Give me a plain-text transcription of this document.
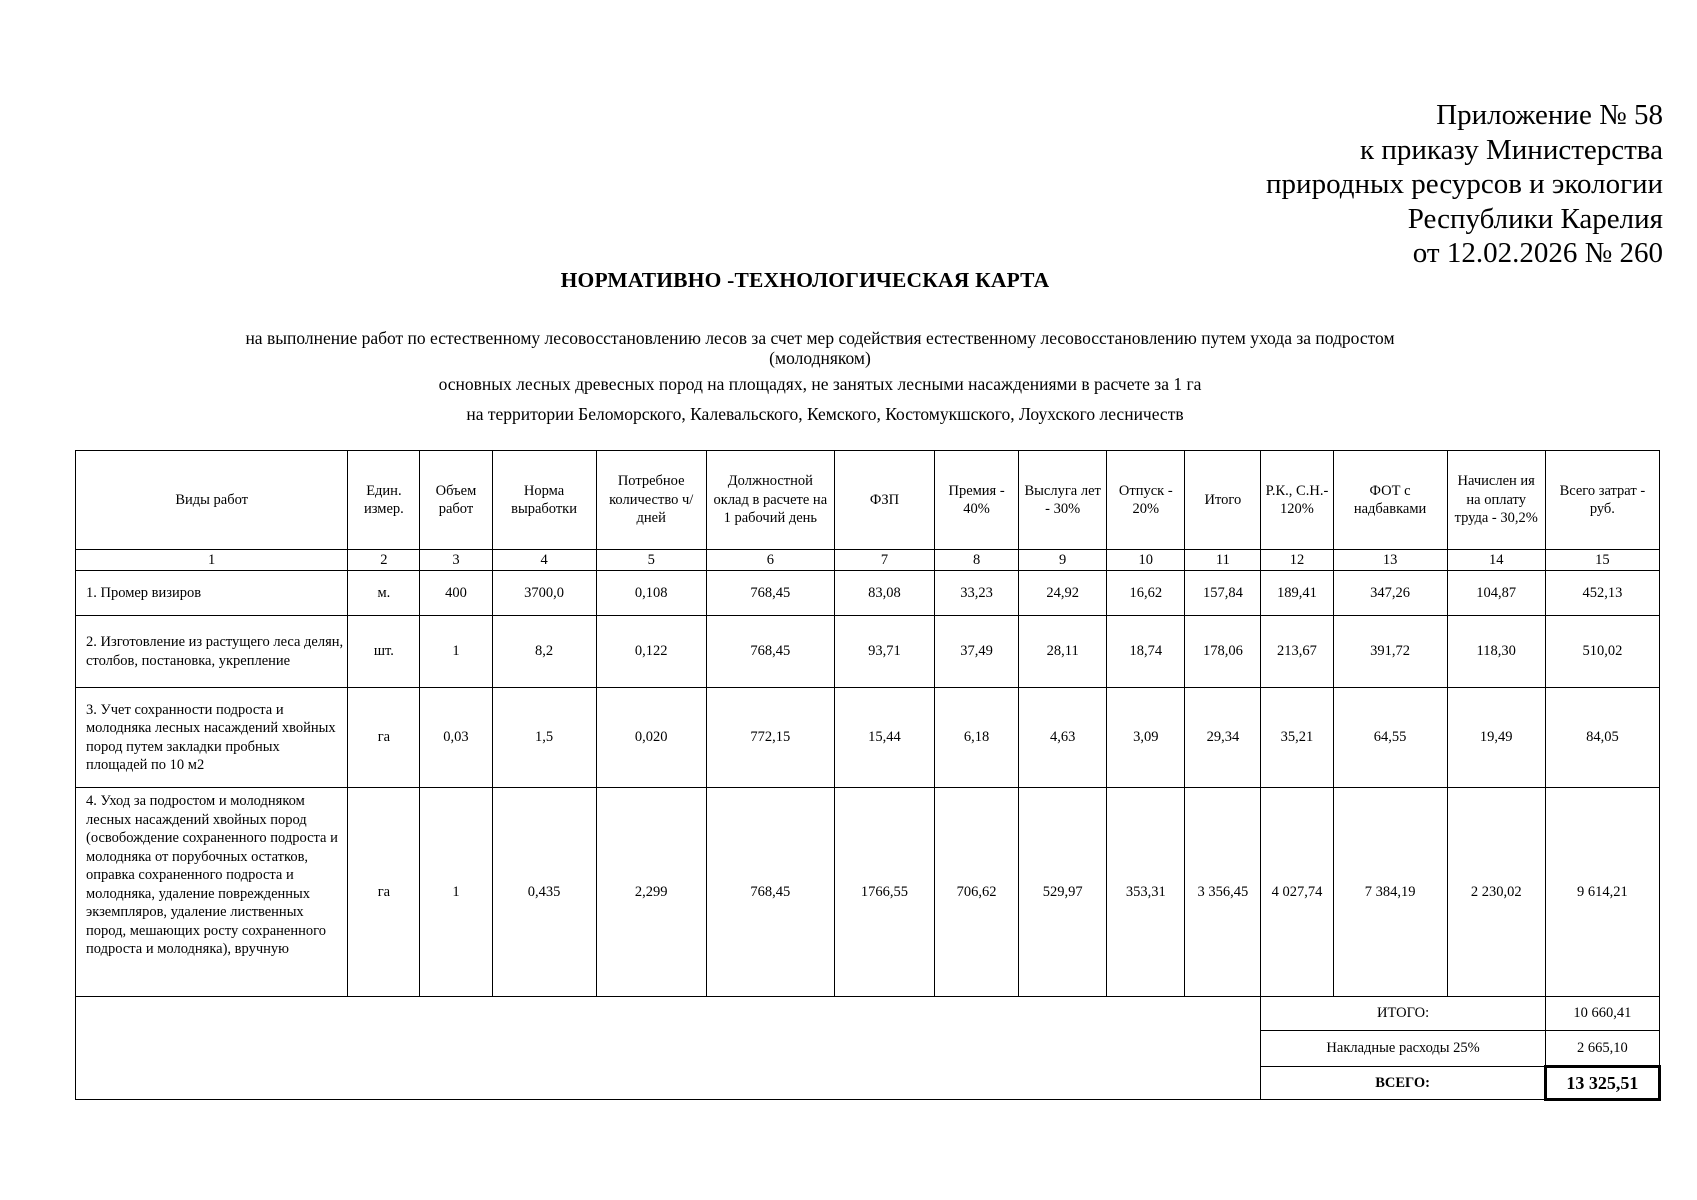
Приложение № 58
к приказу Министерства
природных ресурсов и экологии
Республики Карелия
от 12.02.2026 № 260
НОРМАТИВНО -ТЕХНОЛОГИЧЕСКАЯ КАРТА
на выполнение работ по естественному лесовосстановлению лесов за счет мер содействия естественному лесовосстановлению путем ухода за подростом
(молодняком)
основных лесных древесных пород на площадях, не занятых лесными насаждениями в расчете за 1 га
на территории Беломорского, Калевальского, Кемского, Костомукшского, Лоухского лесничеств
Виды работ	Един. измер.	Объем работ	Норма выработки	Потребное количество ч/дней	Должностной оклад в расчете на 1 рабочий день	ФЗП	Премия - 40%	Выслуга лет - 30%	Отпуск - 20%	Итого	Р.К., С.Н.- 120%	ФОТ с надбавками	Начислен ия на оплату труда - 30,2%	Всего затрат - руб.
1	2	3	4	5	6	7	8	9	10	11	12	13	14	15
1. Промер визиров	м.	400	3700,0	0,108	768,45	83,08	33,23	24,92	16,62	157,84	189,41	347,26	104,87	452,13
2. Изготовление из растущего леса делян, столбов, постановка, укрепление	шт.	1	8,2	0,122	768,45	93,71	37,49	28,11	18,74	178,06	213,67	391,72	118,30	510,02
3. Учет сохранности подроста и молодняка лесных насаждений хвойных пород путем закладки пробных площадей по 10 м2	га	0,03	1,5	0,020	772,15	15,44	6,18	4,63	3,09	29,34	35,21	64,55	19,49	84,05
4. Уход за подростом и молодняком лесных насаждений хвойных пород (освобождение сохраненного подроста и молодняка от порубочных остатков, оправка сохраненного подроста и молодняка, удаление поврежденных экземпляров, удаление лиственных пород, мешающих росту сохраненного подроста и молодняка), вручную	га	1	0,435	2,299	768,45	1766,55	706,62	529,97	353,31	3 356,45	4 027,74	7 384,19	2 230,02	9 614,21
											ИТОГО:			10 660,41
											Накладные расходы 25%			2 665,10
											ВСЕГО:			13 325,51
